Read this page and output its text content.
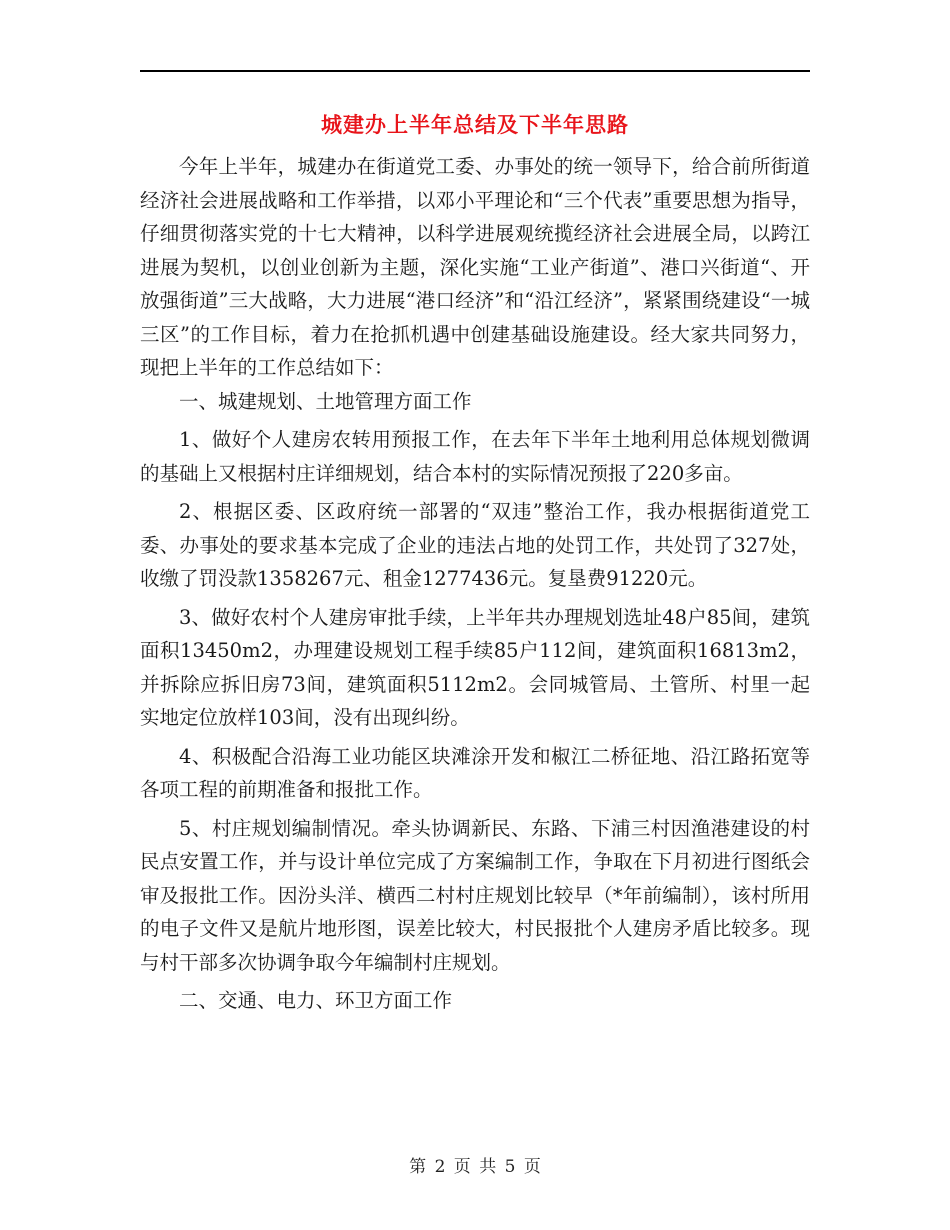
城建办上半年总结及下半年思路

今年上半年，城建办在街道党工委、办事处的统一领导下，给合前所街道经济社会进展战略和工作举措，以邓小平理论和“三个代表”重要思想为指导，仔细贯彻落实党的十七大精神，以科学进展观统揽经济社会进展全局，以跨江进展为契机，以创业创新为主题，深化实施“工业产街道”、港口兴街道“、开放强街道”三大战略，大力进展“港口经济”和“沿江经济”，紧紧围绕建设“一城三区”的工作目标，着力在抢抓机遇中创建基础设施建设。经大家共同努力，现把上半年的工作总结如下：

一、城建规划、土地管理方面工作

1、做好个人建房农转用预报工作，在去年下半年土地利用总体规划微调的基础上又根据村庄详细规划，结合本村的实际情况预报了220多亩。

2、根据区委、区政府统一部署的“双违”整治工作，我办根据街道党工委、办事处的要求基本完成了企业的违法占地的处罚工作，共处罚了327处，收缴了罚没款1358267元、租金1277436元。复垦费91220元。

3、做好农村个人建房审批手续，上半年共办理规划选址48户85间，建筑面积13450m2，办理建设规划工程手续85户112间，建筑面积16813m2，并拆除应拆旧房73间，建筑面积5112m2。会同城管局、土管所、村里一起实地定位放样103间，没有出现纠纷。

4、积极配合沿海工业功能区块滩涂开发和椒江二桥征地、沿江路拓宽等各项工程的前期准备和报批工作。

5、村庄规划编制情况。牵头协调新民、东路、下浦三村因渔港建设的村民点安置工作，并与设计单位完成了方案编制工作，争取在下月初进行图纸会审及报批工作。因汾头洋、横西二村村庄规划比较早（*年前编制），该村所用的电子文件又是航片地形图，误差比较大，村民报批个人建房矛盾比较多。现与村干部多次协调争取今年编制村庄规划。

二、交通、电力、环卫方面工作

第 2 页 共 5 页
